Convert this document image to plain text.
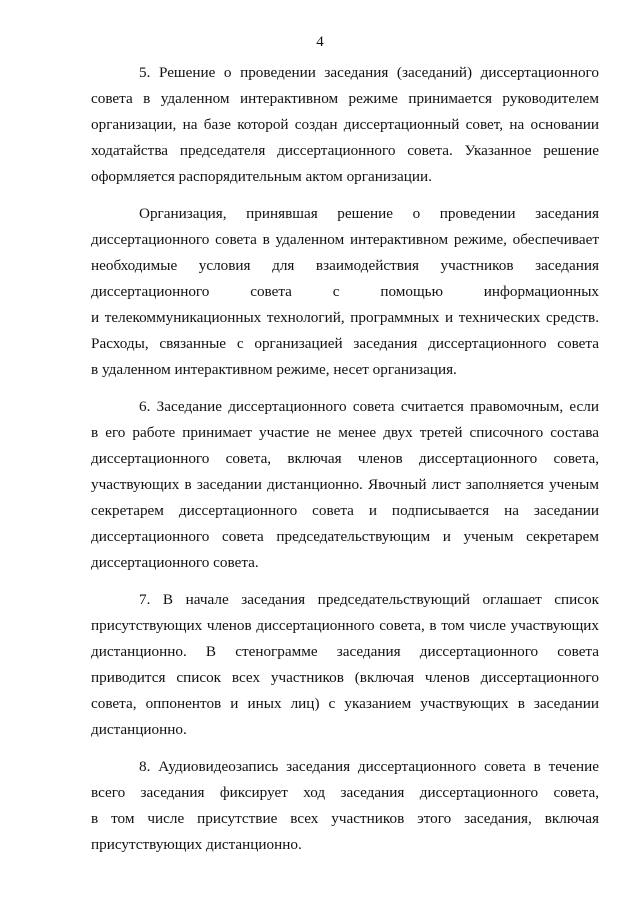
4
5. Решение о проведении заседания (заседаний) диссертационного
совета в удаленном интерактивном режиме принимается руководителем
организации, на базе которой создан диссертационный совет, на основании
ходатайства председателя диссертационного совета. Указанное решение
оформляется распорядительным актом организации.
Организация, принявшая решение о проведении заседания
диссертационного совета в удаленном интерактивном режиме, обеспечивает
необходимые условия для взаимодействия участников заседания
диссертационного совета с помощью информационных
и телекоммуникационных технологий, программных и технических средств.
Расходы, связанные с организацией заседания диссертационного совета
в удаленном интерактивном режиме, несет организация.
6. Заседание диссертационного совета считается правомочным, если
в его работе принимает участие не менее двух третей списочного состава
диссертационного совета, включая членов диссертационного совета,
участвующих в заседании дистанционно. Явочный лист заполняется ученым
секретарем диссертационного совета и подписывается на заседании
диссертационного совета председательствующим и ученым секретарем
диссертационного совета.
7. В начале заседания председательствующий оглашает список
присутствующих членов диссертационного совета, в том числе участвующих
дистанционно. В стенограмме заседания диссертационного совета
приводится список всех участников (включая членов диссертационного
совета, оппонентов и иных лиц) с указанием участвующих в заседании
дистанционно.
8. Аудиовидеозапись заседания диссертационного совета в течение
всего заседания фиксирует ход заседания диссертационного совета,
в том числе присутствие всех участников этого заседания, включая
присутствующих дистанционно.
